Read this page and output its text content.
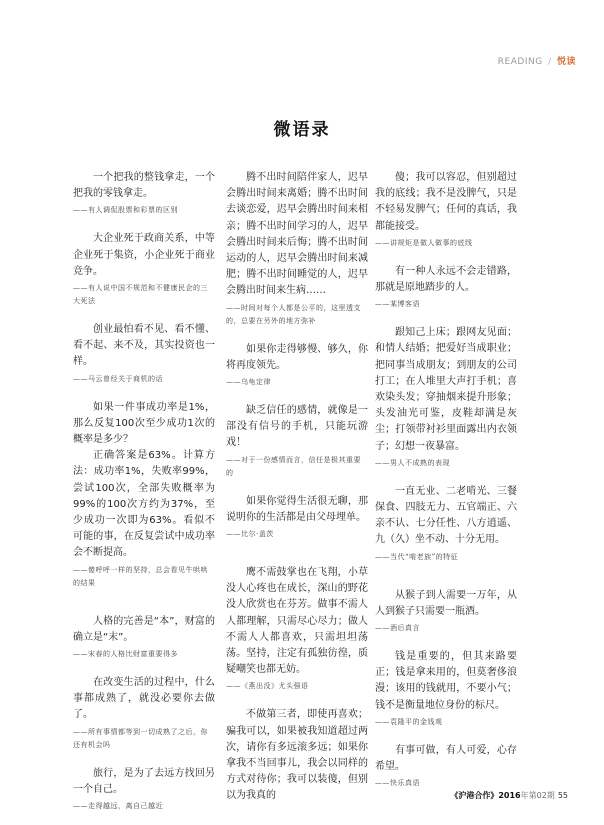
READING / 悦读
微语录
一个把我的整钱拿走，一个把我的零钱拿走。
——有人调侃股票和彩票的区别
大企业死于政商关系，中等企业死于集资，小企业死于商业竞争。
——有人说中国不规范和不健康民企的三大死法
创业最怕看不见、看不懂、看不起、来不及，其实投资也一样。
——马云曾经关于商机的话
如果一件事成功率是1%，那么反复100次至少成功1次的概率是多少？
正确答案是63%。计算方法：成功率1%，失败率99%，尝试100次，全部失败概率为99%的100次方约为37%，至少成功一次即为63%。看似不可能的事，在反复尝试中成功率会不断提高。
——傻呼呼一样的坚持，总会看见牛哄哄的结果
人格的完善是“本”，财富的确立是“末”。
——宋春的人格比财富重要得多
在改变生活的过程中，什么事都成熟了，就没必要你去做了。
——所有事情都等到一切成熟了之后，你还有机会吗
旅行，是为了去远方找回另一个自己。
——走得越远，离自己越近
腾不出时间陪伴家人，迟早会腾出时间来离婚；腾不出时间去谈恋爱，迟早会腾出时间来相亲；腾不出时间学习的人，迟早会腾出时间来后悔；腾不出时间运动的人，迟早会腾出时间来减肥；腾不出时间睡觉的人，迟早会腾出时间来生病……
——时间对每个人都是公平的，这里透支的，总要在另外的地方弥补
如果你走得够慢、够久，你将再度领先。
——乌龟定律
缺乏信任的感情，就像是一部没有信号的手机，只能玩游戏！
——对于一份感情而言，信任是极其重要的
如果你觉得生活很无聊，那说明你的生活都是由父母埋单。
——比尔·盖茨
鹰不需鼓掌也在飞翔，小草没人心疼也在成长，深山的野花没人欣赏也在芬芳。做事不需人人都理解，只需尽心尽力；做人不需人人都喜欢，只需坦坦荡荡。坚持，注定有孤独彷徨，质疑嘲笑也都无妨。
——《燕出没》尤头强语
不做第三者，即使再喜欢；骗我可以，如果被我知道超过两次，请你有多远滚多远；如果你拿我不当回事儿，我会以同样的方式对待你；我可以装傻，但别以为我真的
傻；我可以容忍，但别超过我的底线；我不是没脾气，只是不轻易发脾气；任何的真话，我都能接受。
——讲规矩是做人做事的底线
有一种人永远不会走错路，那就是原地踏步的人。
——某博客语
跟知己上床；跟网友见面；和情人结婚；把爱好当成职业；把同事当成朋友；到朋友的公司打工；在人堆里大声打手机；喜欢染头发；穿抽烟来提升形象；头发油光可鉴，皮鞋却满是灰尘；打领带衬衫里面露出内衣领子；幻想一夜暴富。
——男人不成熟的表现
一直无业、二老啃光、三餐保食、四肢无力、五官端正、六亲不认、七分任性、八方逍遥、九（久）坐不动、十分无用。
——当代“啃老族”的特征
从猴子到人需要一万年，从人到猴子只需要一瓶酒。
——酒后真言
钱是重要的，但其来路要正；钱是拿来用的，但莫奢侈浪漫；该用的钱就用，不要小气；钱不是衡量地位身份的标尺。
——袁隆平的金钱观
有事可做，有人可爱，心存希望。
——快乐真语
《沪港合作》2016年第02期 55
